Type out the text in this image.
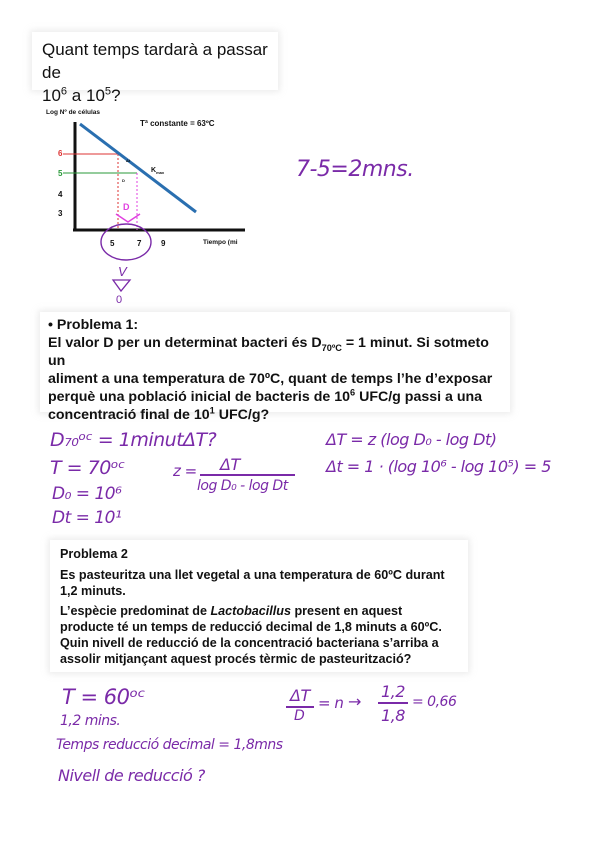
Quant temps tardarà a passar de
$10^6$ a $10^5$?
Log Nº de células
Tª constante = 63ºC
6
5
4
3
Δt
D
$K_{max}$
D
5	7 9	Tiempo (mi
V
0
7-5=2mns.
• Problema 1:
El valor D per un determinat bacteri és $D_{70ºC} = 1$ minut. Si sotmeto un
aliment a una temperatura de 70ºC, quant de temps l’he d’exposar
perquè una població inicial de bacteris de $10^6$ UFC/g passi a una
concentració final de $10^1$ UFC/g?
D₇₀ᵒᶜ = 1minut
T = 70ᵒᶜ
D₀ = 10⁶
Dt = 10¹
ΔT?
z = ΔT
log D₀ - log Dt
ΔT = z (log D₀ - log Dt)
Δt = 1 · (log 10⁶ - log 10⁵) = 5
Problema 2

Es pasteuritza una llet vegetal a una temperatura de 60ºC durant 1,2 minuts.

L’espècie predominat de Lactobacillus present en aquest producte té un temps de reducció decimal de 1,8 minuts a 60ºC. Quin nivell de reducció de la concentració bacteriana s’arriba a assolir mitjançant aquest procés tèrmic de pasteurització?

T = 60ᵒᶜ
1,2 mins.
Temps reducció decimal = 1,8mns
Nivell de reducció ?
ΔT
D
= n →
1,2
1,8
= 0,66
